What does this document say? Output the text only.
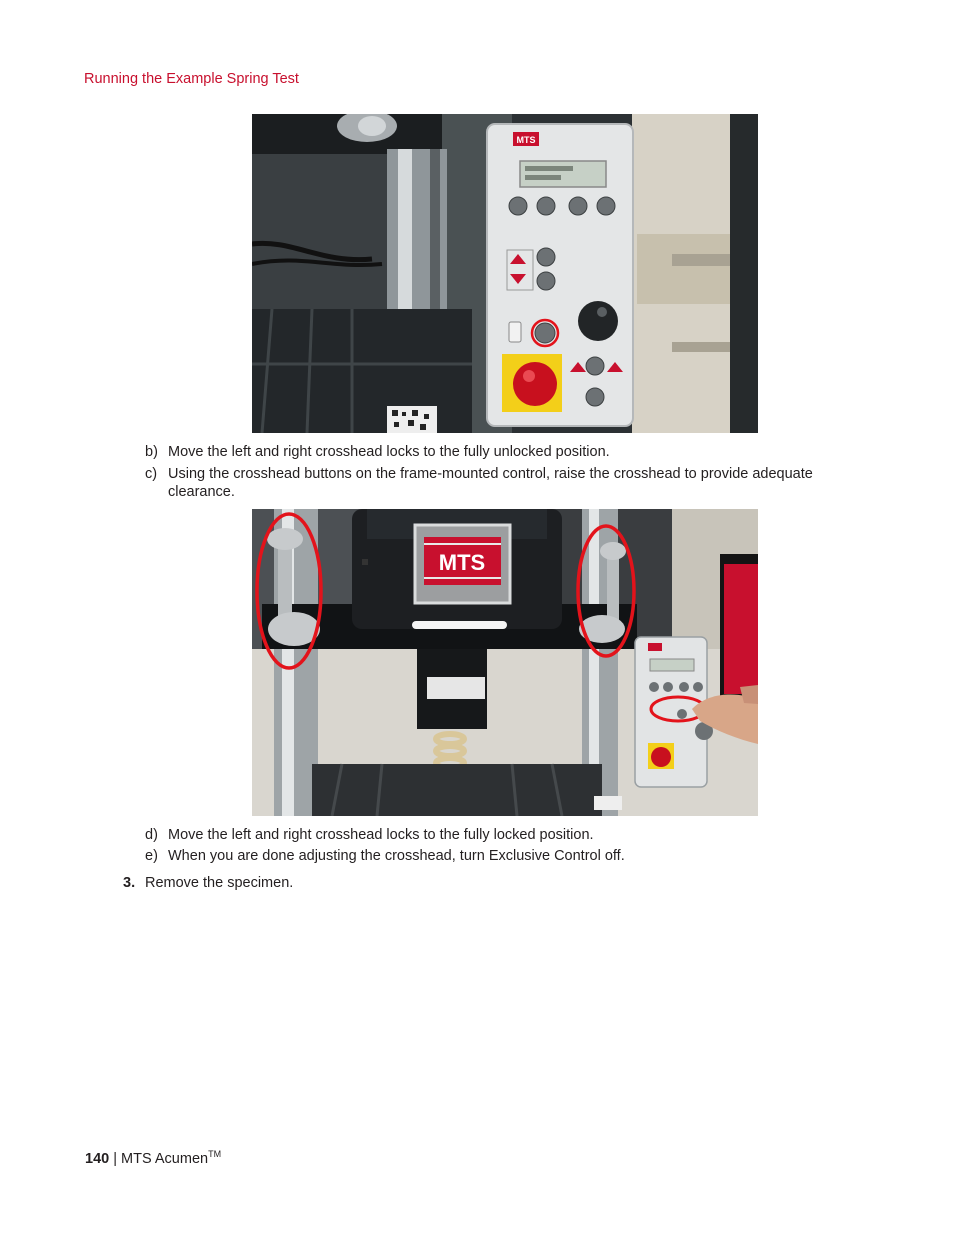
Running the Example Spring Test
MTS
b) Move the left and right crosshead locks to the fully unlocked position.
c) Using the crosshead buttons on the frame-mounted control, raise the crosshead to provide adequate clearance.
MTS
d) Move the left and right crosshead locks to the fully locked position.
e) When you are done adjusting the crosshead, turn Exclusive Control off.
3. Remove the specimen.
140 | MTS Acumen™
